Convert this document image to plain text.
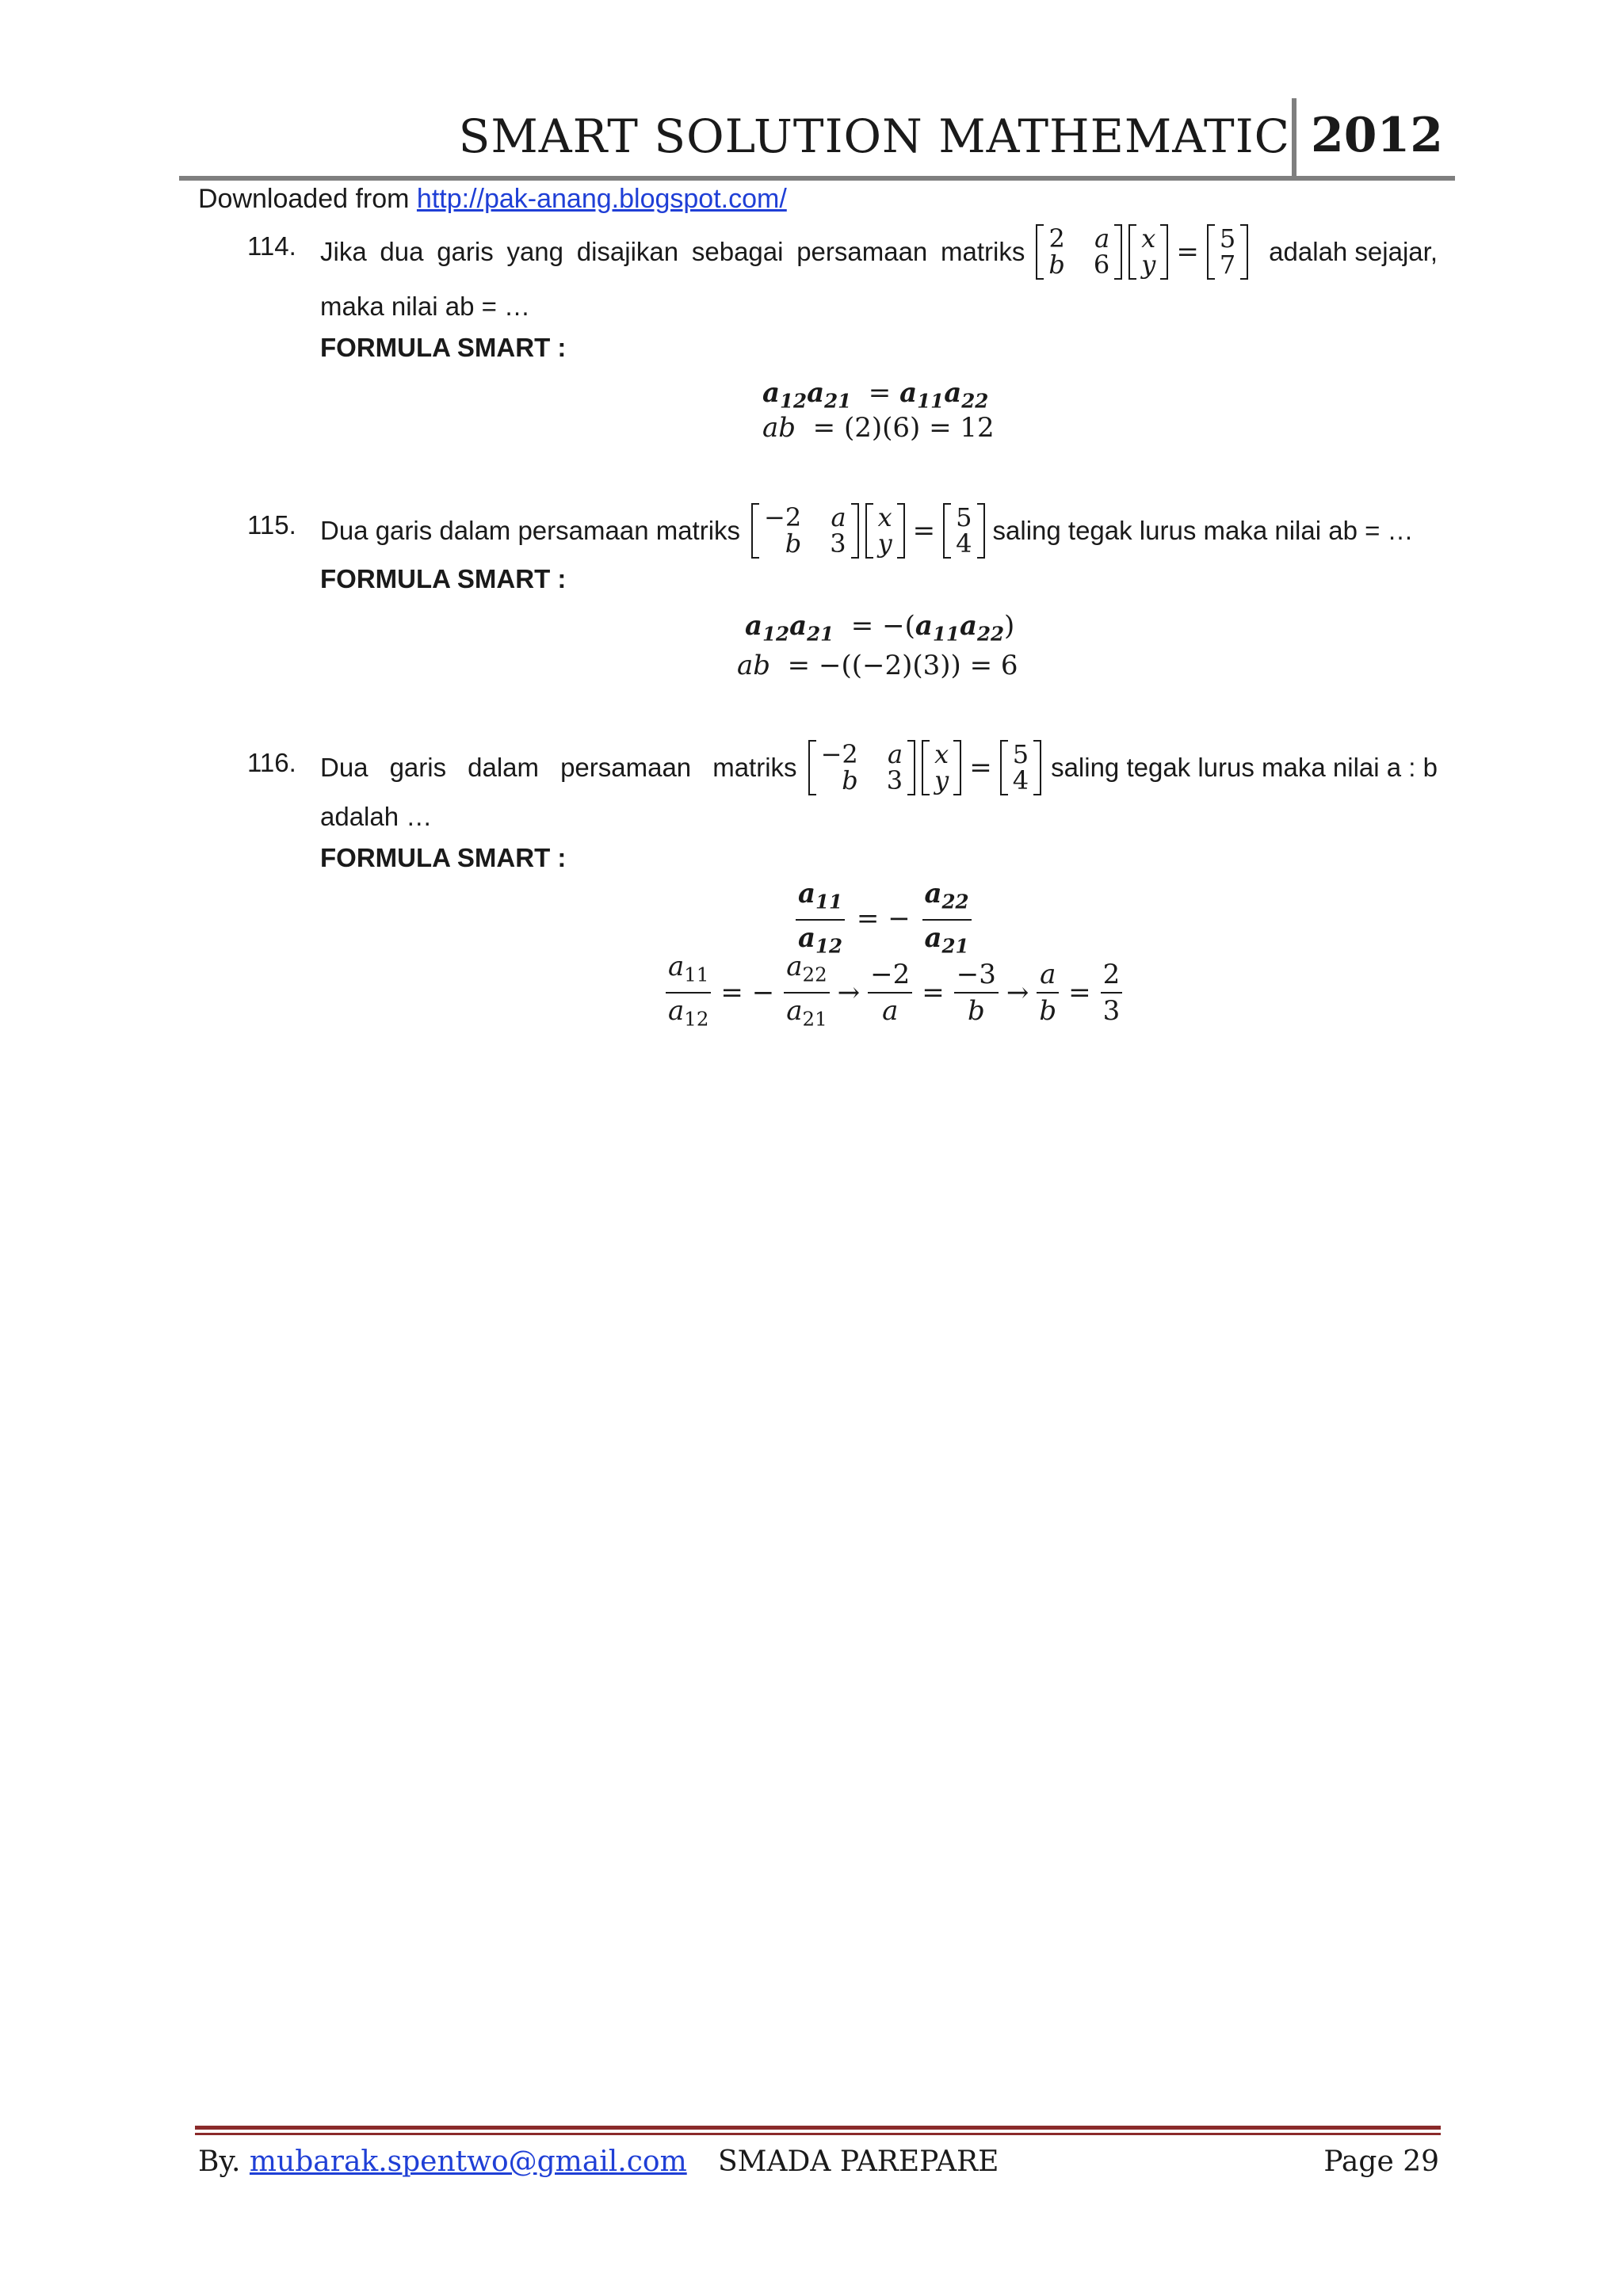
SMART SOLUTION MATHEMATIC 2012
Downloaded from http://pak-anang.blogspot.com/
114. Jika dua garis yang disajikan sebagai persamaan matriks 2 a
b 6
x
y = 5
7 adalah sejajar,
maka nilai ab = …
FORMULA SMART :
$a_{12}a_{21} = a_{11}a_{22}$
ab = (2)(6) = 12
115. Dua garis dalam persamaan matriks −2 a
b 3
x
y = 5
4 saling tegak lurus maka nilai ab = …
FORMULA SMART :
$a_{12}a_{21} = -(a_{11}a_{22})$
ab = −((−2)(3)) = 6
116. Dua garis dalam persamaan matriks −2 a
b 3
x
y = 5
4 saling tegak lurus maka nilai a : b
adalah …
FORMULA SMART :
$\frac{a_{11}}{a_{12}}$ = − $\frac{a_{22}}{a_{21}}$
$\frac{a_{11}}{a_{12}}$ = − $\frac{a_{22}}{a_{21}} \to \frac{-2}{a} = \frac{-3}{b} \to \frac{a}{b} = \frac{2}{3}$
By. mubarak.spentwo@gmail.com SMADA PAREPARE	Page 29
